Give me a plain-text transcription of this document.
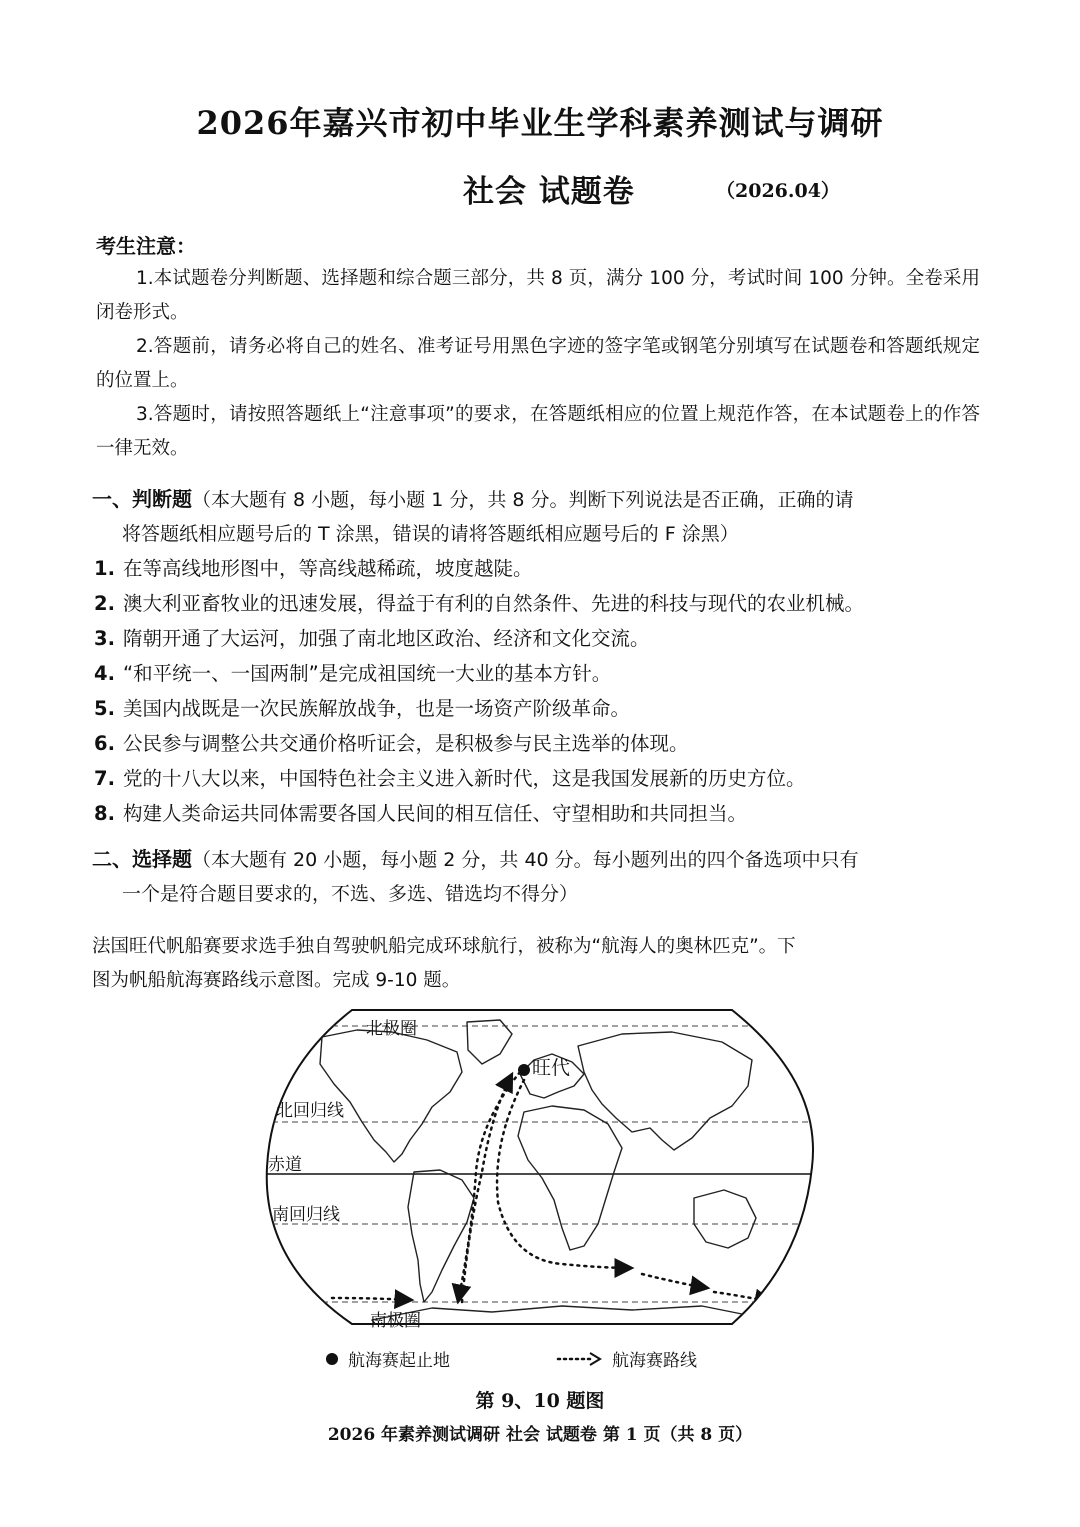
2026年嘉兴市初中毕业生学科素养测试与调研
社会 试题卷	（2026.04）
考生注意：

1.本试题卷分判断题、选择题和综合题三部分，共 8 页，满分 100 分，考试时间 100 分钟。全卷采用闭卷形式。

2.答题前，请务必将自己的姓名、准考证号用黑色字迹的签字笔或钢笔分别填写在试题卷和答题纸规定的位置上。

3.答题时，请按照答题纸上“注意事项”的要求，在答题纸相应的位置上规范作答，在本试题卷上的作答一律无效。

一、判断题（本大题有 8 小题，每小题 1 分，共 8 分。判断下列说法是否正确，正确的请
将答题纸相应题号后的 T 涂黑，错误的请将答题纸相应题号后的 F 涂黑）
1. 在等高线地形图中，等高线越稀疏，坡度越陡。
2. 澳大利亚畜牧业的迅速发展，得益于有利的自然条件、先进的科技与现代的农业机械。
3. 隋朝开通了大运河，加强了南北地区政治、经济和文化交流。
4. “和平统一、一国两制”是完成祖国统一大业的基本方针。
5. 美国内战既是一次民族解放战争，也是一场资产阶级革命。
6. 公民参与调整公共交通价格听证会，是积极参与民主选举的体现。
7. 党的十八大以来，中国特色社会主义进入新时代，这是我国发展新的历史方位。
8. 构建人类命运共同体需要各国人民间的相互信任、守望相助和共同担当。
二、选择题（本大题有 20 小题，每小题 2 分，共 40 分。每小题列出的四个备选项中只有
一个是符合题目要求的，不选、多选、错选均不得分）

法国旺代帆船赛要求选手独自驾驶帆船完成环球航行，被称为“航海人的奥林匹克”。下
图为帆船航海赛路线示意图。完成 9-10 题。

北极圈
北回归线
赤道
南回归线
南极圈
旺代
航海赛起止地	航海赛路线
第 9、10 题图
2026 年素养测试调研 社会 试题卷 第 1 页（共 8 页）
